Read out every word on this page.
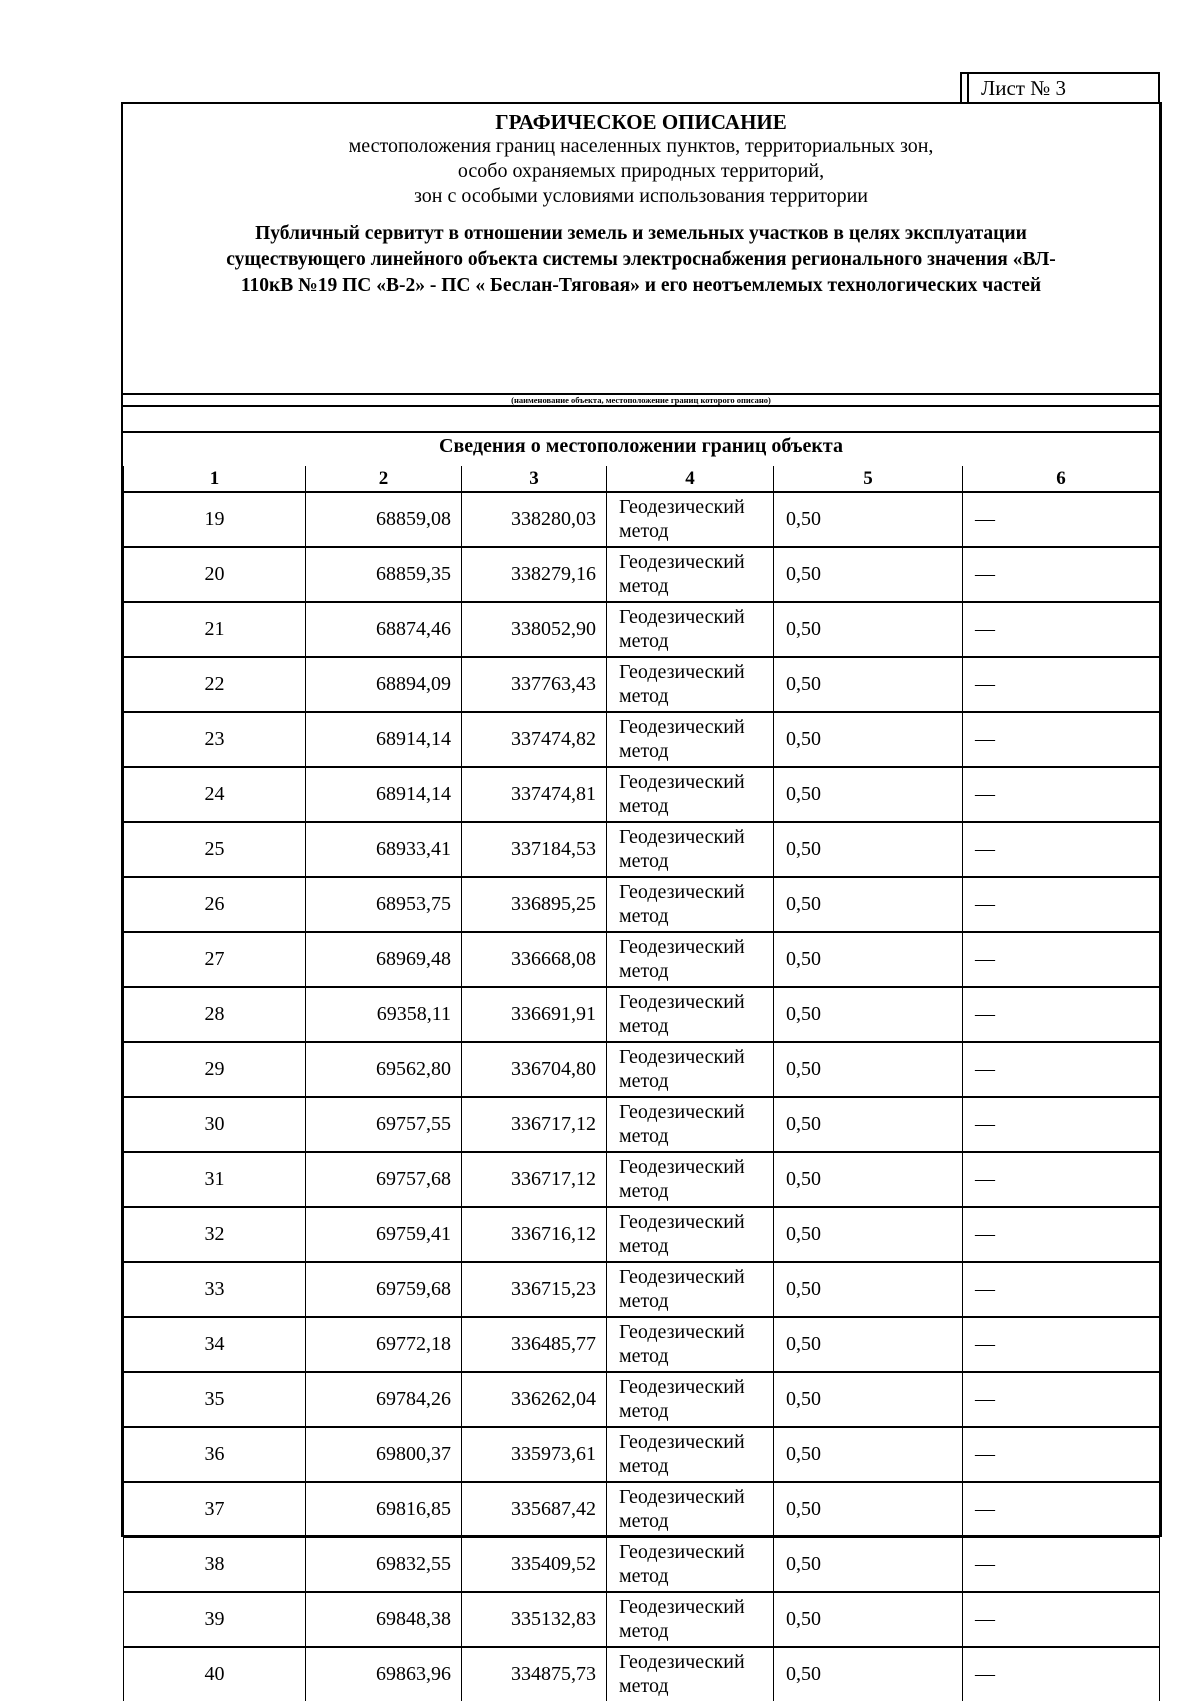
Лист № 3
ГРАФИЧЕСКОЕ ОПИСАНИЕ
местоположения границ населенных пунктов, территориальных зон,
особо охраняемых природных территорий,
зон с особыми условиями использования территории
Публичный сервитут в отношении земель и земельных участков в целях эксплуатации
существующего линейного объекта системы электроснабжения регионального значения «ВЛ-
110кВ №19 ПС «В-2» - ПС « Беслан-Тяговая» и его неотъемлемых технологических частей
(наименование объекта, местоположение границ которого описано)
Сведения о местоположении границ объекта
1	2	3	4	5	6
19	68859,08	338280,03	Геодезический метод	0,50	—
20	68859,35	338279,16	Геодезический метод	0,50	—
21	68874,46	338052,90	Геодезический метод	0,50	—
22	68894,09	337763,43	Геодезический метод	0,50	—
23	68914,14	337474,82	Геодезический метод	0,50	—
24	68914,14	337474,81	Геодезический метод	0,50	—
25	68933,41	337184,53	Геодезический метод	0,50	—
26	68953,75	336895,25	Геодезический метод	0,50	—
27	68969,48	336668,08	Геодезический метод	0,50	—
28	69358,11	336691,91	Геодезический метод	0,50	—
29	69562,80	336704,80	Геодезический метод	0,50	—
30	69757,55	336717,12	Геодезический метод	0,50	—
31	69757,68	336717,12	Геодезический метод	0,50	—
32	69759,41	336716,12	Геодезический метод	0,50	—
33	69759,68	336715,23	Геодезический метод	0,50	—
34	69772,18	336485,77	Геодезический метод	0,50	—
35	69784,26	336262,04	Геодезический метод	0,50	—
36	69800,37	335973,61	Геодезический метод	0,50	—
37	69816,85	335687,42	Геодезический метод	0,50	—
38	69832,55	335409,52	Геодезический метод	0,50	—
39	69848,38	335132,83	Геодезический метод	0,50	—
40	69863,96	334875,73	Геодезический метод	0,50	—
